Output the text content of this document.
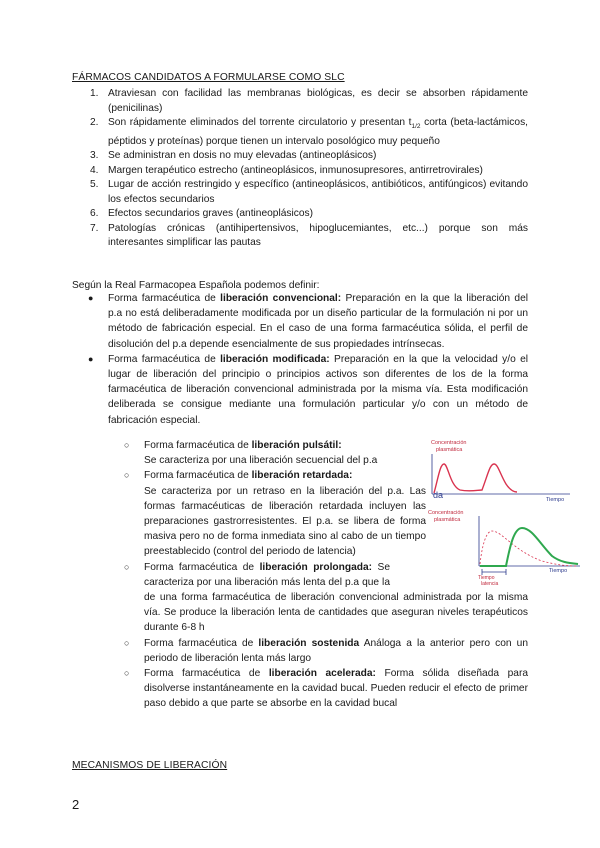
FÁRMACOS CANDIDATOS A FORMULARSE COMO SLC
1. Atraviesan con facilidad las membranas biológicas, es decir se absorben rápidamente (penicilinas)
2. Son rápidamente eliminados del torrente circulatorio y presentan $t_{1/2}$ corta (beta-lactámicos, péptidos y proteínas) porque tienen un intervalo posológico muy pequeño
3. Se administran en dosis no muy elevadas (antineoplásicos)
4. Margen terapéutico estrecho (antineoplásicos, inmunosupresores, antirretrovirales)
5. Lugar de acción restringido y específico (antineoplásicos, antibióticos, antifúngicos) evitando los efectos secundarios
6. Efectos secundarios graves (antineoplásicos)
7. Patologías crónicas (antihipertensivos, hipoglucemiantes, etc...) porque son más interesantes simplificar las pautas
Según la Real Farmacopea Española podemos definir:
● Forma farmacéutica de liberación convencional: Preparación en la que la liberación del p.a no está deliberadamente modificada por un diseño particular de la formulación ni por un método de fabricación especial. En el caso de una forma farmacéutica sólida, el perfil de disolución del p.a depende esencialmente de sus propiedades intrínsecas.
● Forma farmacéutica de liberación modificada: Preparación en la que la velocidad y/o el lugar de liberación del principio o principios activos son diferentes de los de la forma farmacéutica de liberación convencional administrada por la misma vía. Esta modificación deliberada se consigue mediante una formulación particular y/o con un método de fabricación especial.
○ Forma farmacéutica de liberación pulsátil:
Se caracteriza por una liberación secuencial del p.a
○ Forma farmacéutica de liberación retardada:
Se caracteriza por un retraso en la liberación del p.a. Las formas farmacéuticas de liberación retardada incluyen las preparaciones gastrorresistentes. El p.a. se libera de forma masiva pero no de forma inmediata sino al cabo de un tiempo preestablecido (control del periodo de latencia)
○ Forma farmacéutica de liberación prolongada: Se caracteriza por una liberación más lenta del p.a que la
de una forma farmacéutica de liberación convencional administrada por la misma vía. Se produce la liberación lenta de cantidades que aseguran niveles terapéuticos durante 6-8 h
○ Forma farmacéutica de liberación sostenida Análoga a la anterior pero con un periodo de liberación lenta más largo
○ Forma farmacéutica de liberación acelerada: Forma sólida diseñada para disolverse instantáneamente en la cavidad bucal. Pueden reducir el efecto de primer paso debido a que parte se absorbe en la cavidad bucal
Concentración
plasmática
Tiempo
da
Concentración
plasmática
Tiempo
Tiempo
latencia
MECANISMOS DE LIBERACIÓN
2
